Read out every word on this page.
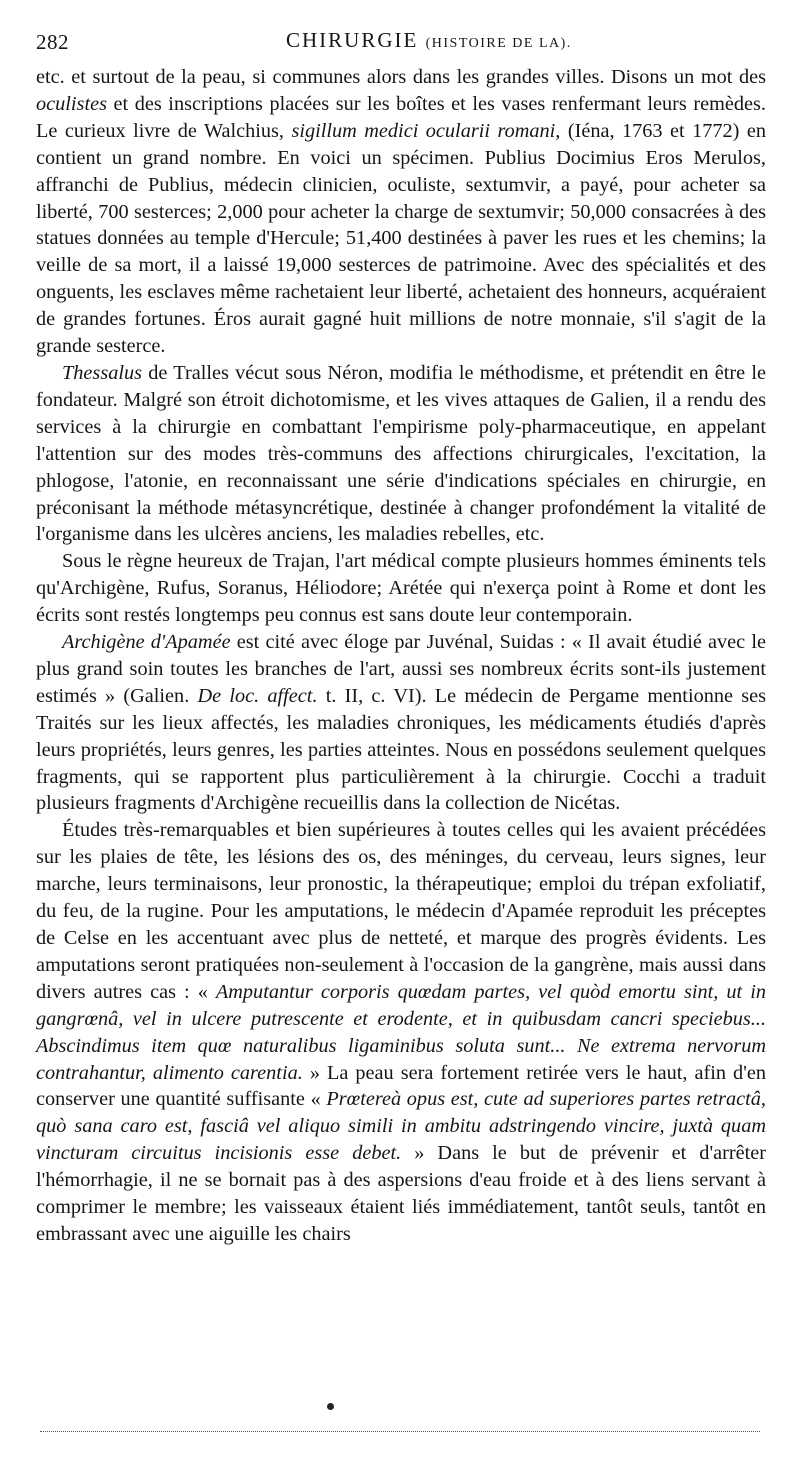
282	CHIRURGIE (HISTOIRE DE LA).

etc. et surtout de la peau, si communes alors dans les grandes villes. Disons un mot des oculistes et des inscriptions placées sur les boîtes et les vases renfermant leurs remèdes. Le curieux livre de Walchius, sigillum medici ocularii romani, (Iéna, 1763 et 1772) en contient un grand nombre. En voici un spécimen. Publius Docimius Eros Merulos, affranchi de Publius, médecin clinicien, oculiste, sextumvir, a payé, pour acheter sa liberté, 700 sesterces; 2,000 pour acheter la charge de sextumvir; 50,000 consacrées à des statues données au temple d'Hercule; 51,400 destinées à paver les rues et les chemins; la veille de sa mort, il a laissé 19,000 sesterces de patrimoine. Avec des spécialités et des onguents, les esclaves même rachetaient leur liberté, achetaient des honneurs, acquéraient de grandes fortunes. Éros aurait gagné huit millions de notre monnaie, s'il s'agit de la grande sesterce.

Thessalus de Tralles vécut sous Néron, modifia le méthodisme, et prétendit en être le fondateur. Malgré son étroit dichotomisme, et les vives attaques de Galien, il a rendu des services à la chirurgie en combattant l'empirisme poly-pharmaceutique, en appelant l'attention sur des modes très-communs des affections chirurgicales, l'excitation, la phlogose, l'atonie, en reconnaissant une série d'indications spéciales en chirurgie, en préconisant la méthode métasyncrétique, destinée à changer profondément la vitalité de l'organisme dans les ulcères anciens, les maladies rebelles, etc.

Sous le règne heureux de Trajan, l'art médical compte plusieurs hommes éminents tels qu'Archigène, Rufus, Soranus, Héliodore; Arétée qui n'exerça point à Rome et dont les écrits sont restés longtemps peu connus est sans doute leur contemporain.

Archigène d'Apamée est cité avec éloge par Juvénal, Suidas : « Il avait étudié avec le plus grand soin toutes les branches de l'art, aussi ses nombreux écrits sont-ils justement estimés » (Galien. De loc. affect. t. II, c. VI). Le médecin de Pergame mentionne ses Traités sur les lieux affectés, les maladies chroniques, les médicaments étudiés d'après leurs propriétés, leurs genres, les parties atteintes. Nous en possédons seulement quelques fragments, qui se rapportent plus particulièrement à la chirurgie. Cocchi a traduit plusieurs fragments d'Archigène recueillis dans la collection de Nicétas.

Études très-remarquables et bien supérieures à toutes celles qui les avaient précédées sur les plaies de tête, les lésions des os, des méninges, du cerveau, leurs signes, leur marche, leurs terminaisons, leur pronostic, la thérapeutique; emploi du trépan exfoliatif, du feu, de la rugine. Pour les amputations, le médecin d'Apamée reproduit les préceptes de Celse en les accentuant avec plus de netteté, et marque des progrès évidents. Les amputations seront pratiquées non-seulement à l'occasion de la gangrène, mais aussi dans divers autres cas : « Amputantur corporis quœdam partes, vel quòd emortu sint, ut in gangrœnâ, vel in ulcere putrescente et erodente, et in quibusdam cancri speciebus... Abscindimus item quœ naturalibus ligaminibus soluta sunt... Ne extrema nervorum contrahantur, alimento carentia. » La peau sera fortement retirée vers le haut, afin d'en conserver une quantité suffisante « Prœtereà opus est, cute ad superiores partes retractâ, quò sana caro est, fasciâ vel aliquo simili in ambitu adstringendo vincire, juxtà quam vincturam circuitus incisionis esse debet. » Dans le but de prévenir et d'arrêter l'hémorrhagie, il ne se bornait pas à des aspersions d'eau froide et à des liens servant à comprimer le membre; les vaisseaux étaient liés immédiatement, tantôt seuls, tantôt en embrassant avec une aiguille les chairs
